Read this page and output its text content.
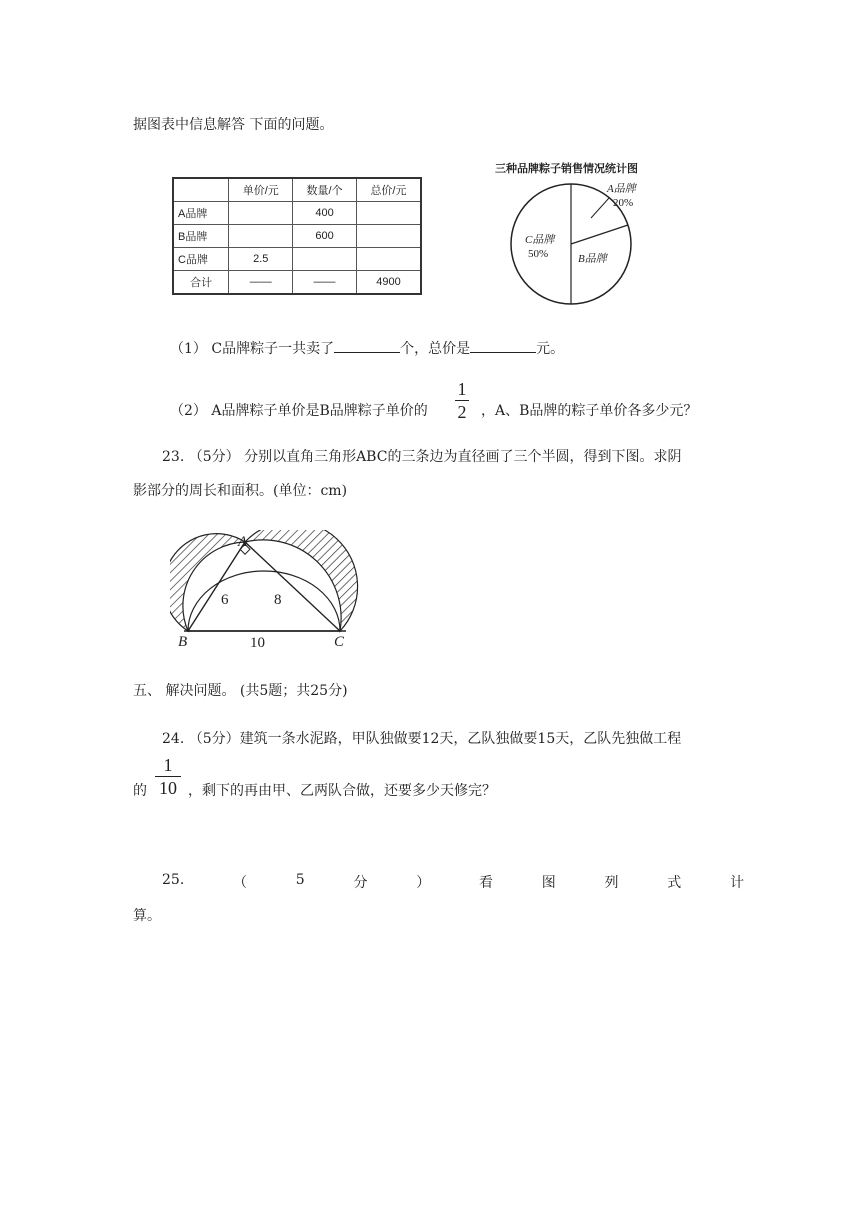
据图表中信息解答 下面的问题。
	单价/元	数量/个	总价/元
A品牌		400	
B品牌		600	
C品牌	2.5		
合计	——	——	4900
三种品牌粽子销售情况统计图
A品牌
20%
B品牌
C品牌
50%
（1） C品牌粽子一共卖了	个，总价是	元。
（2） A品牌粽子单价是B品牌粽子单价的
1
2 ，A、B品牌的粽子单价各多少元？
23. （5分） 分别以直角三角形ABC的三条边为直径画了三个半圆，得到下图。求阴
影部分的周长和面积。(单位：cm)
A
B	C
6	8
10
五、 解决问题。 (共5题；共25分)
24. （5分）建筑一条水泥路，甲队独做要12天，乙队独做要15天，乙队先独做工程
的
1
10 ，剩下的再由甲、乙两队合做，还要多少天修完？
25.	（	5	分	）	看	图	列	式	计
算。
